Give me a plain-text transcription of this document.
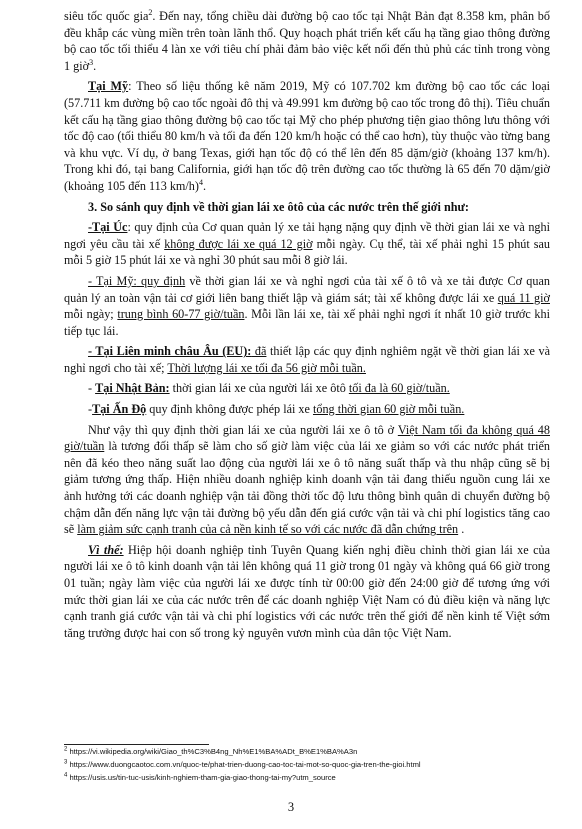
siêu tốc quốc gia$^2$. Đến nay, tổng chiều dài đường bộ cao tốc tại Nhật Bản đạt 8.358 km, phân bố đều khắp các vùng miền trên toàn lãnh thổ. Quy hoạch phát triển kết cấu hạ tầng giao thông đường bộ cao tốc tối thiểu 4 làn xe với tiêu chí phải đảm bảo việc kết nối đến thủ phủ các tỉnh trong vòng 1 giờ$^3$.

Tại Mỹ: Theo số liệu thống kê năm 2019, Mỹ có 107.702 km đường bộ cao tốc các loại (57.711 km đường bộ cao tốc ngoài đô thị và 49.991 km đường bộ cao tốc trong đô thị). Tiêu chuẩn kết cấu hạ tầng giao thông đường bộ cao tốc tại Mỹ cho phép phương tiện giao thông lưu thông với tốc độ cao (tối thiểu 80 km/h và tối đa đến 120 km/h hoặc có thể cao hơn), tùy thuộc vào từng bang và khu vực. Ví dụ, ở bang Texas, giới hạn tốc độ có thể lên đến 85 dặm/giờ (khoảng 137 km/h). Trong khi đó, tại bang California, giới hạn tốc độ trên đường cao tốc thường là 65 đến 70 dặm/giờ (khoảng 105 đến 113 km/h)$^4$.

3. So sánh quy định về thời gian lái xe ôtô của các nước trên thế giới như:

-Tại Úc: quy định của Cơ quan quản lý xe tải hạng nặng quy định về thời gian lái xe và nghỉ ngơi yêu cầu tài xế không được lái xe quá 12 giờ mỗi ngày. Cụ thể, tài xế phải nghỉ 15 phút sau mỗi 5 giờ 15 phút lái xe và nghỉ 30 phút sau mỗi 8 giờ lái.

- Tại Mỹ: quy định về thời gian lái xe và nghỉ ngơi của tài xế ô tô và xe tải được Cơ quan quản lý an toàn vận tải cơ giới liên bang thiết lập và giám sát; tài xế không được lái xe quá 11 giờ mỗi ngày; trung bình 60-77 giờ/tuần. Mỗi lần lái xe, tài xế phải nghỉ ngơi ít nhất 10 giờ trước khi tiếp tục lái.

- Tại Liên minh châu Âu (EU): đã thiết lập các quy định nghiêm ngặt về thời gian lái xe và nghỉ ngơi cho tài xế; Thời lượng lái xe tối đa 56 giờ mỗi tuần.

- Tại Nhật Bản: thời gian lái xe của người lái xe ôtô tối đa là 60 giờ/tuần.

-Tại Ấn Độ quy định không được phép lái xe tổng thời gian 60 giờ mỗi tuần.

Như vậy thì quy định thời gian lái xe của người lái xe ô tô ở Việt Nam tối đa không quá 48 giờ/tuần là tương đối thấp sẽ làm cho số giờ làm việc của lái xe giảm so với các nước phát triển nên đã kéo theo năng suất lao động của người lái xe ô tô năng suất thấp và thu nhập cũng sẽ bị giảm tương ứng thấp. Hiện nhiều doanh nghiệp kinh doanh vận tải đang thiếu nguồn cung lái xe ảnh hưởng tới các doanh nghiệp vận tải đồng thời tốc độ lưu thông bình quân di chuyển đường bộ chậm dẫn đến năng lực vận tải đường bộ yếu dẫn đến giá cước vận tải và chi phí logistics tăng cao sẽ làm giảm sức cạnh tranh của cả nền kinh tế so với các nước đã dẫn chứng trên .

Vì thế: Hiệp hội doanh nghiệp tỉnh Tuyên Quang kiến nghị điều chỉnh thời gian lái xe của người lái xe ô tô kinh doanh vận tải lên không quá 11 giờ trong 01 ngày và không quá 66 giờ trong 01 tuần; ngày làm việc của người lái xe được tính từ 00:00 giờ đến 24:00 giờ để tương ứng với mức thời gian lái xe của các nước trên để các doanh nghiệp Việt Nam có đủ điều kiện và năng lực cạnh tranh giá cước vận tải và chi phí logistics với các nước trên thế giới để nền kinh tế Việt sớm tăng trưởng được hai con số trong kỷ nguyên vươn mình của dân tộc Việt Nam.

$^2$ https://vi.wikipedia.org/wiki/Giao_th%C3%B4ng_Nh%E1%BA%ADt_B%E1%BA%A3n
$^3$ https://www.duongcaotoc.com.vn/quoc-te/phat-trien-duong-cao-toc-tai-mot-so-quoc-gia-tren-the-gioi.html
$^4$ https://usis.us/tin-tuc-usis/kinh-nghiem-tham-gia-giao-thong-tai-my?utm_source
3
